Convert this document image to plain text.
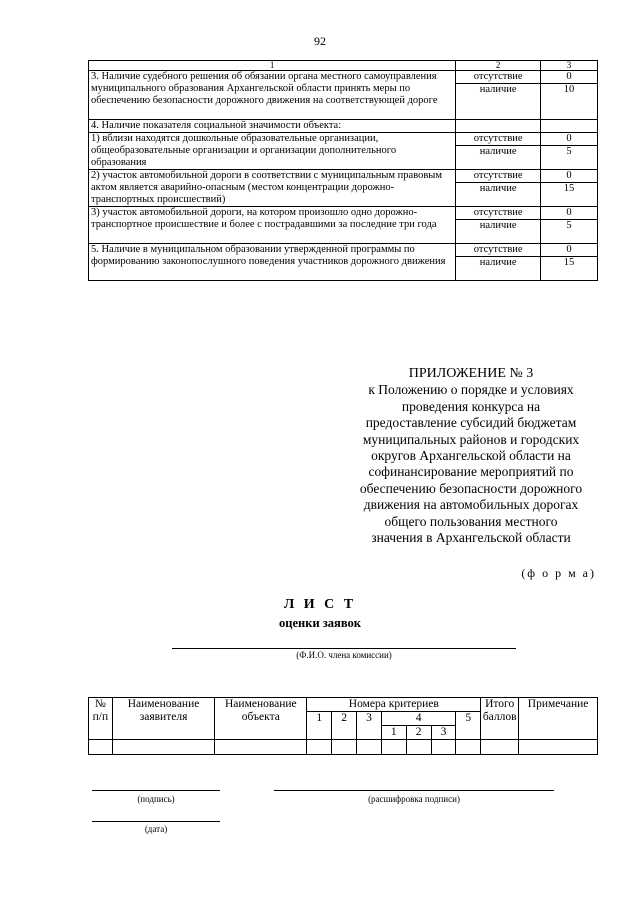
92
1	2	3
3. Наличие судебного решения об обязании органа местного самоуправления муниципального образования Архангельской области принять меры по обеспечению безопасности дорожного движения на соответствующей дороге	отсутствие	0
	наличие	10
4. Наличие показателя социальной значимости объекта:		
1) вблизи находятся дошкольные образовательные организации, общеобразовательные организации и организации дополнительного образования	отсутствие	0
	наличие	5
2) участок автомобильной дороги в соответствии с муниципальным правовым актом является аварийно-опасным (местом концентрации дорожно-транспортных происшествий)	отсутствие	0
	наличие	15
3) участок автомобильной дороги, на котором произошло одно дорожно-транспортное происшествие и более с пострадавшими за последние три года	отсутствие	0
	наличие	5
5. Наличие в муниципальном образовании утвержденной программы по формированию законопослушного поведения участников дорожного движения	отсутствие	0
	наличие	15
ПРИЛОЖЕНИЕ № 3
к Положению о порядке и условиях
проведения конкурса на
предоставление субсидий бюджетам
муниципальных районов и городских
округов Архангельской области на
софинансирование мероприятий по
обеспечению безопасности дорожного
движения на автомобильных дорогах
общего пользования местного
значения в Архангельской области
(ф о р м а)
Л И С Т
оценки заявок
(Ф.И.О. члена комиссии)
№ п/п	Наименование заявителя	Наименование объекта	Номера критериев							Итого баллов	Примечание
			1	2	3	4			5		
						1	2	3			

(подпись)	(расшифровка подписи)
(дата)
